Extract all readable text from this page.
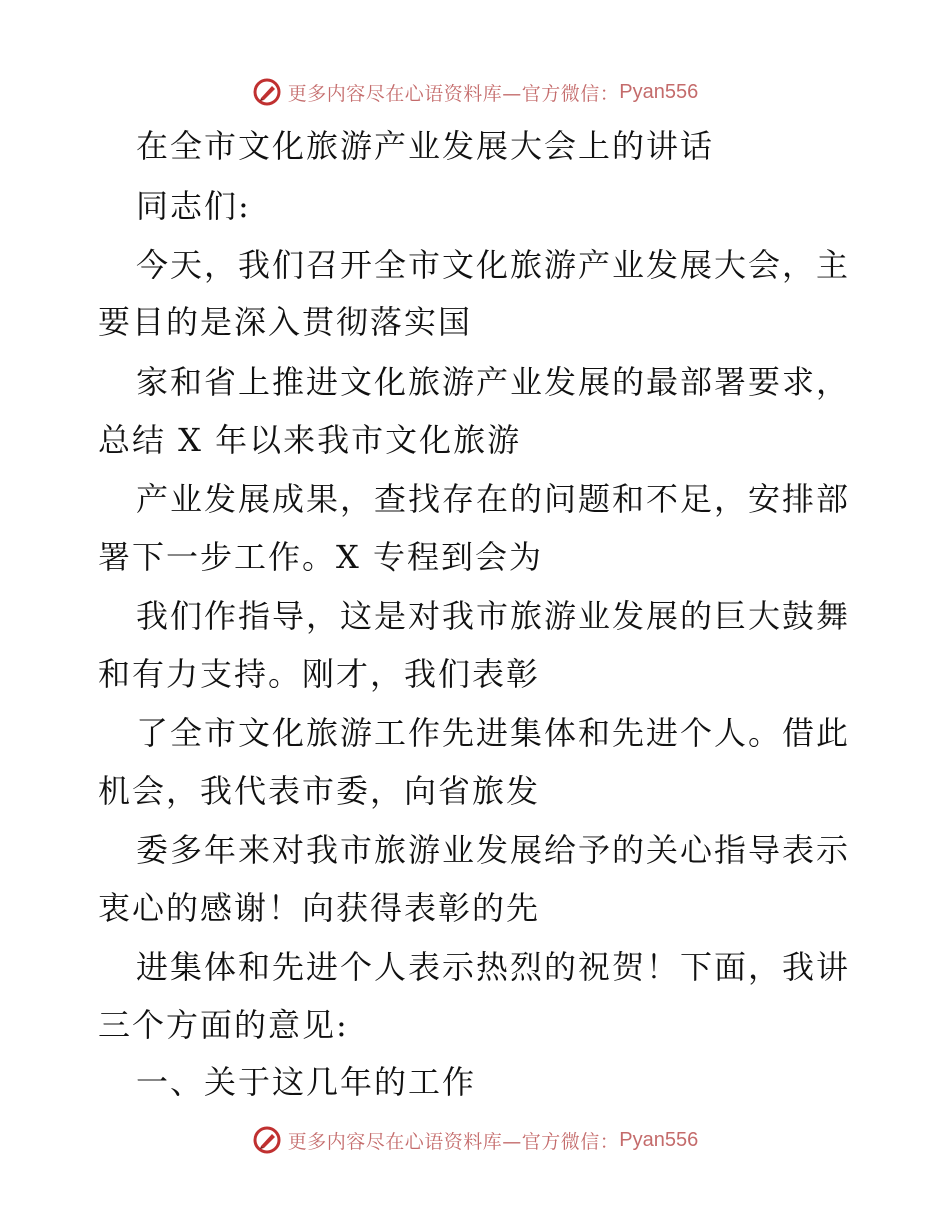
更多内容尽在心语资料库—官方微信： Pyan556
在全市文化旅游产业发展大会上的讲话
同志们:
今天，我们召开全市文化旅游产业发展大会，主
要目的是深入贯彻落实国
家和省上推进文化旅游产业发展的最部署要求，
总结 X 年以来我市文化旅游
产业发展成果，查找存在的问题和不足，安排部
署下一步工作。X 专程到会为
我们作指导，这是对我市旅游业发展的巨大鼓舞
和有力支持。刚才，我们表彰
了全市文化旅游工作先进集体和先进个人。借此
机会，我代表市委，向省旅发
委多年来对我市旅游业发展给予的关心指导表示
衷心的感谢！向获得表彰的先
进集体和先进个人表示热烈的祝贺！下面，我讲
三个方面的意见:
一、关于这几年的工作
更多内容尽在心语资料库—官方微信： Pyan556
